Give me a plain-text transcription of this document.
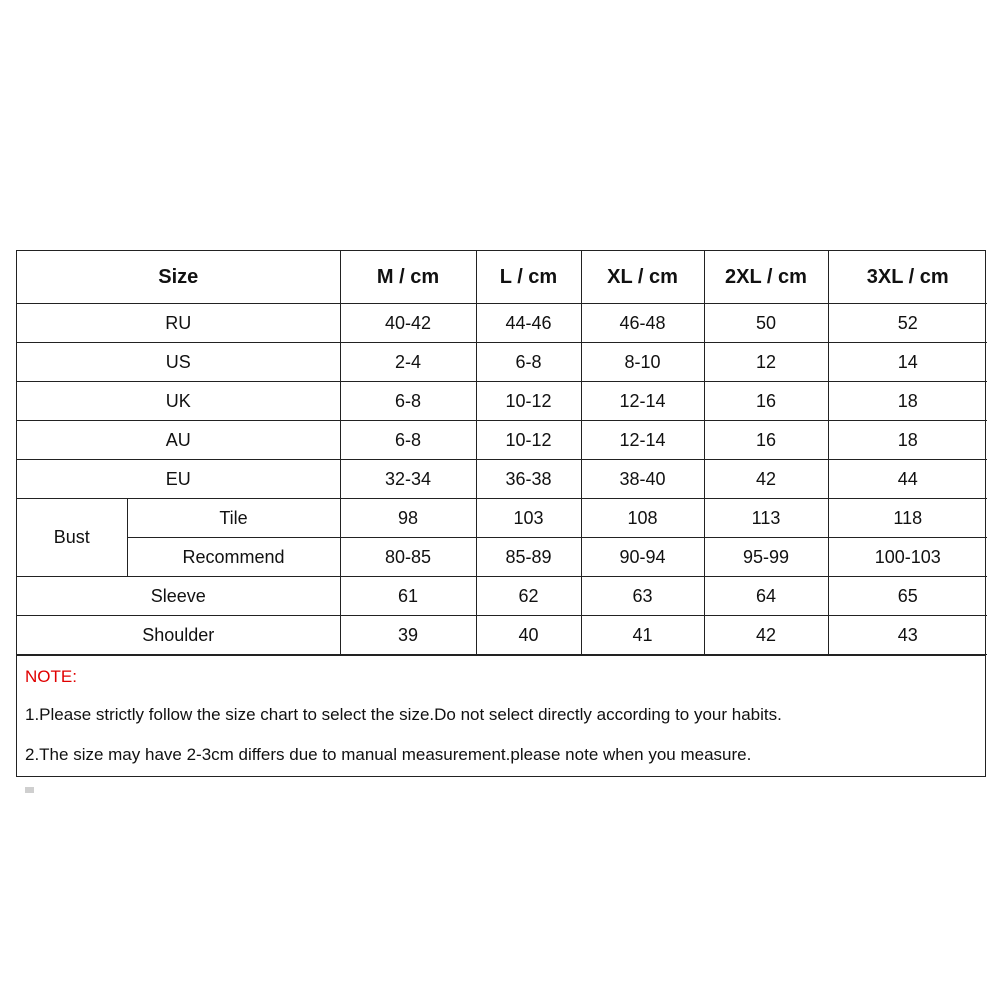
Size		M / cm	L / cm	XL / cm	2XL / cm	3XL / cm
RU		40-42	44-46	46-48	50	52
US		2-4	6-8	8-10	12	14
UK		6-8	10-12	12-14	16	18
AU		6-8	10-12	12-14	16	18
EU		32-34	36-38	38-40	42	44
Bust	Tile	98	103	108	113	118
	Recommend	80-85	85-89	90-94	95-99	100-103
Sleeve		61	62	63	64	65
Shoulder		39	40	41	42	43
NOTE:
1.Please strictly follow the size chart to select the size.Do not select directly according to your habits.
2.The size may have 2-3cm differs due to manual measurement.please note when you measure.
